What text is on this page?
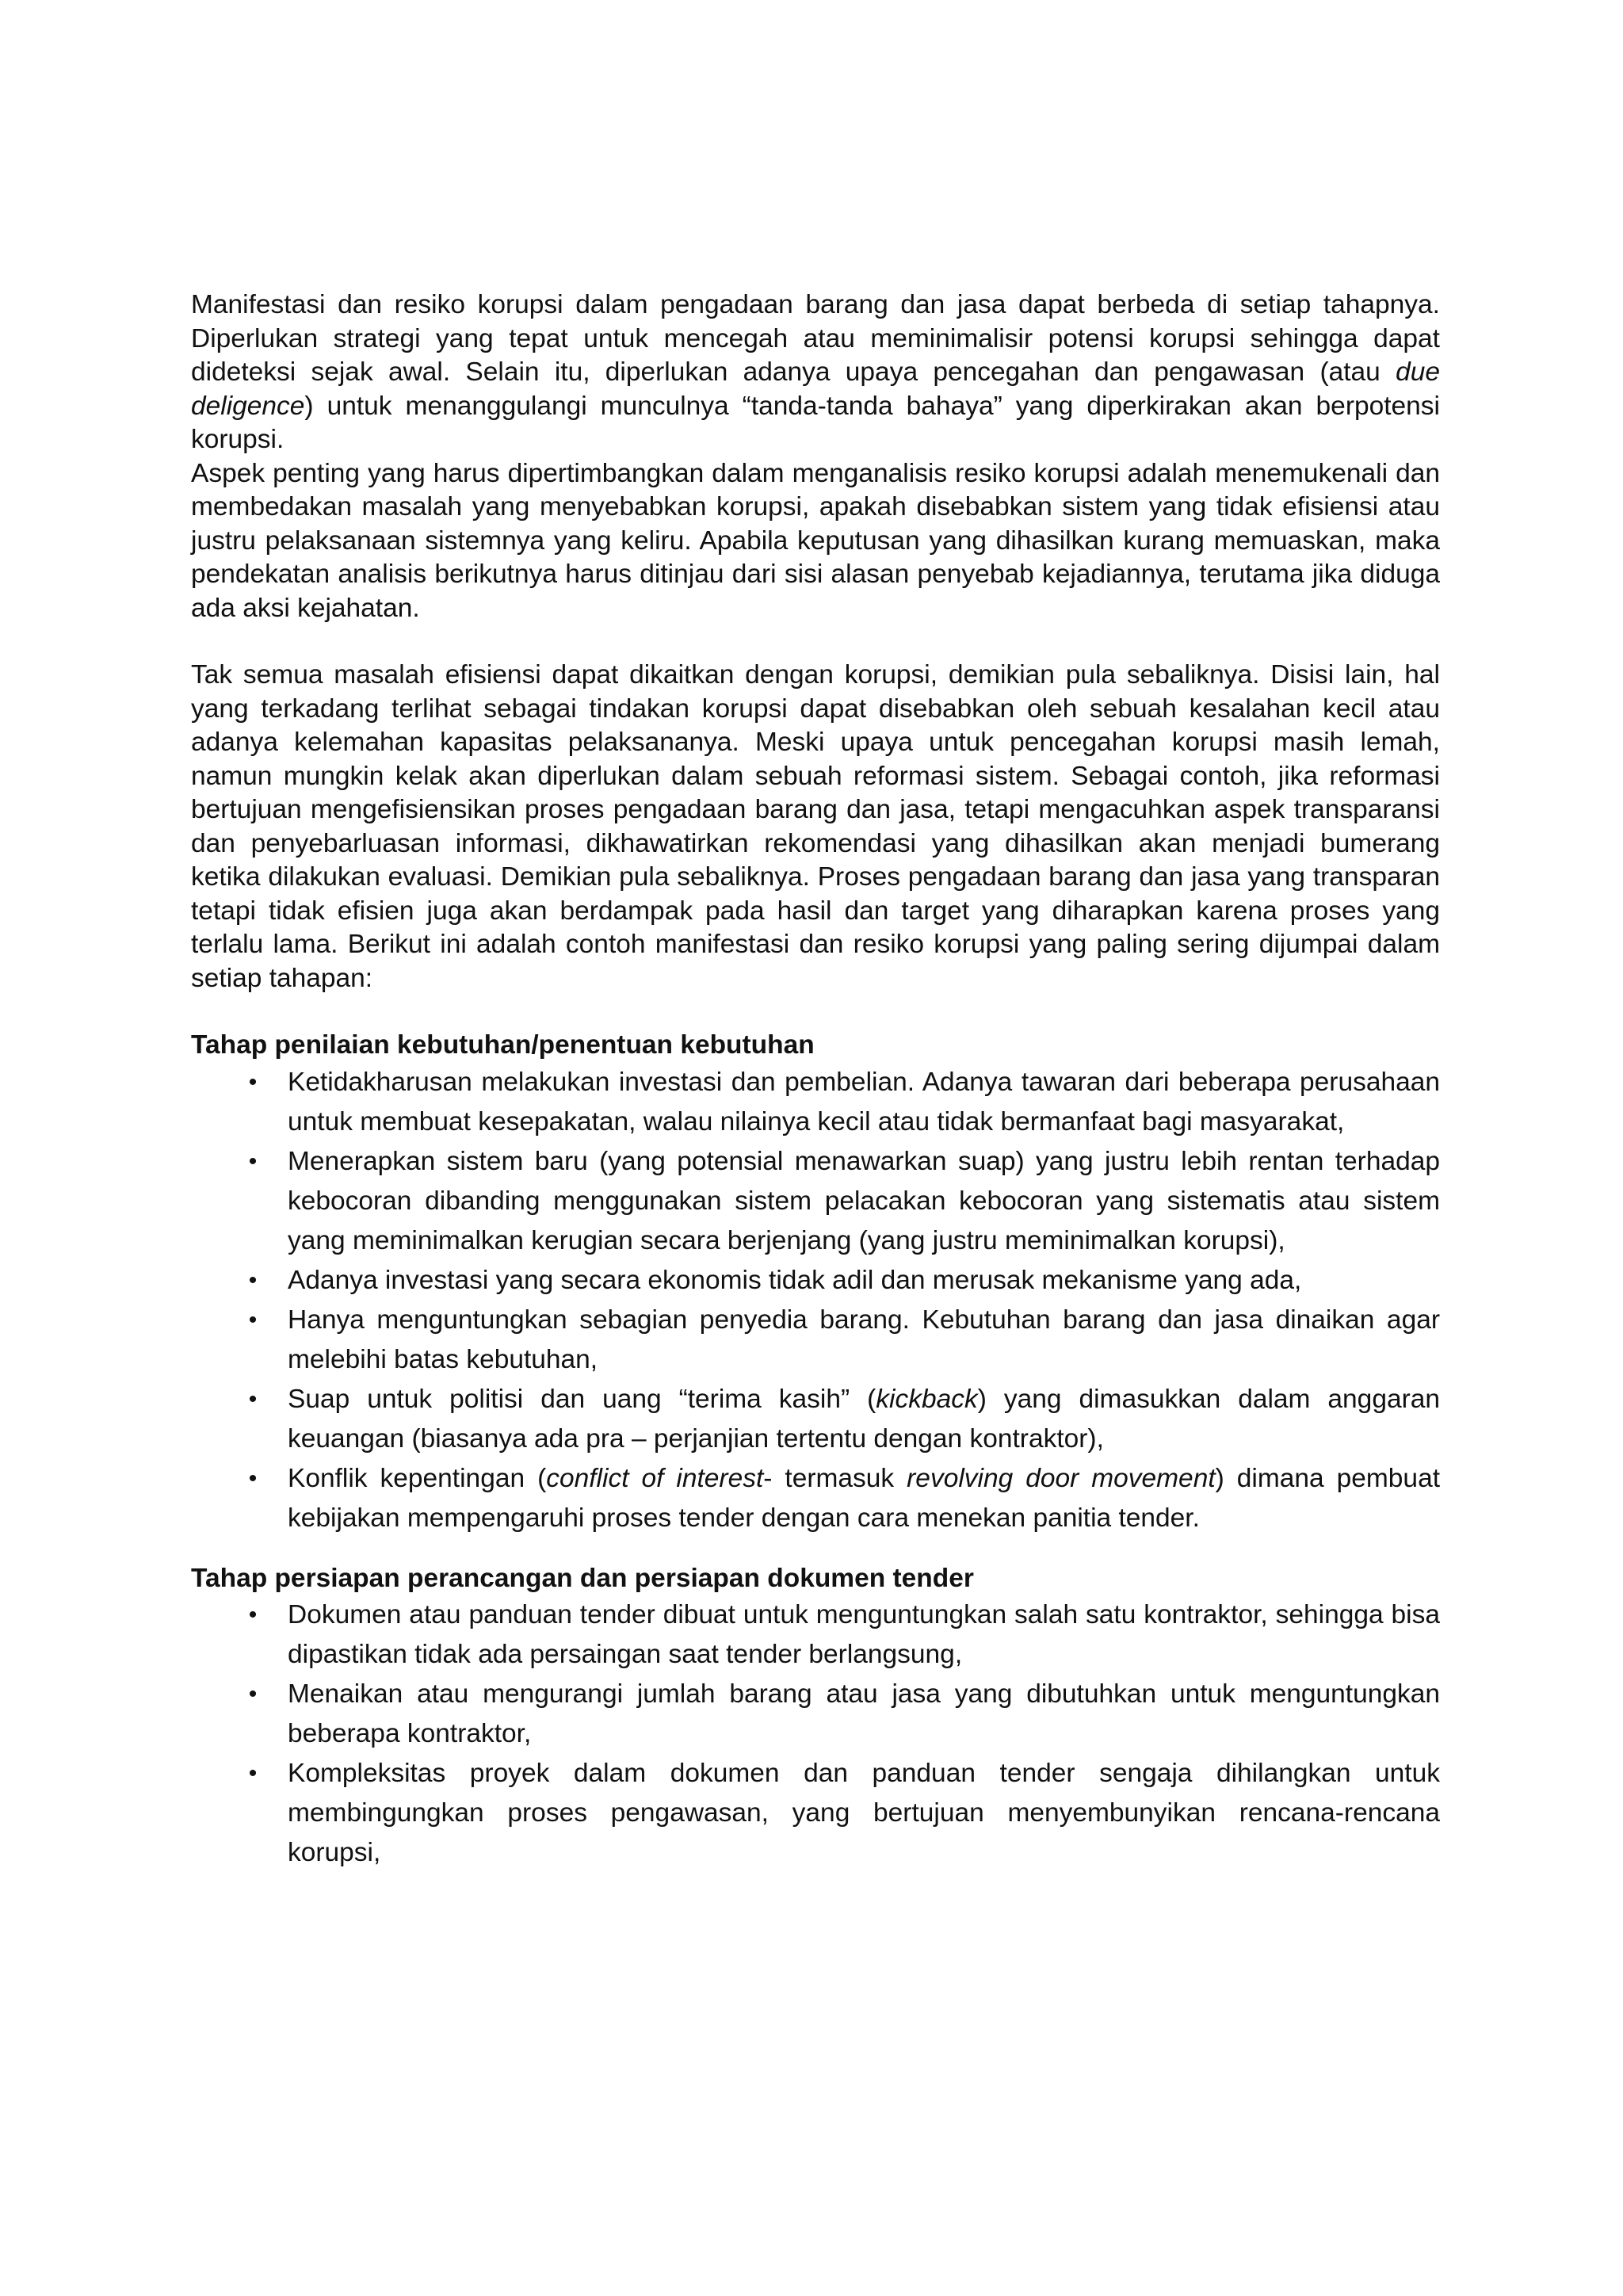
Manifestasi dan resiko korupsi dalam pengadaan barang dan jasa dapat berbeda di setiap tahapnya. Diperlukan strategi yang tepat untuk mencegah atau meminimalisir potensi korupsi sehingga dapat dideteksi sejak awal. Selain itu, diperlukan adanya upaya pencegahan dan pengawasan (atau due deligence) untuk menanggulangi munculnya “tanda-tanda bahaya” yang diperkirakan akan berpotensi korupsi.

Aspek penting yang harus dipertimbangkan dalam menganalisis resiko korupsi adalah menemukenali dan membedakan masalah yang menyebabkan korupsi, apakah disebabkan sistem yang tidak efisiensi atau justru pelaksanaan sistemnya yang keliru. Apabila keputusan yang dihasilkan kurang memuaskan, maka pendekatan analisis berikutnya harus ditinjau dari sisi alasan penyebab kejadiannya, terutama jika diduga ada aksi kejahatan.

Tak semua masalah efisiensi dapat dikaitkan dengan korupsi, demikian pula sebaliknya. Disisi lain, hal yang terkadang terlihat sebagai tindakan korupsi dapat disebabkan oleh sebuah kesalahan kecil atau adanya kelemahan kapasitas pelaksananya. Meski upaya untuk pencegahan korupsi masih lemah, namun mungkin kelak akan diperlukan dalam sebuah reformasi sistem. Sebagai contoh, jika reformasi bertujuan mengefisiensikan proses pengadaan barang dan jasa, tetapi mengacuhkan aspek transparansi dan penyebarluasan informasi, dikhawatirkan rekomendasi yang dihasilkan akan menjadi bumerang ketika dilakukan evaluasi. Demikian pula sebaliknya. Proses pengadaan barang dan jasa yang transparan tetapi tidak efisien juga akan berdampak pada hasil dan target yang diharapkan karena proses yang terlalu lama. Berikut ini adalah contoh manifestasi dan resiko korupsi yang paling sering dijumpai dalam setiap tahapan:

Tahap penilaian kebutuhan/penentuan kebutuhan
• Ketidakharusan melakukan investasi dan pembelian. Adanya tawaran dari beberapa perusahaan untuk membuat kesepakatan, walau nilainya kecil atau tidak bermanfaat bagi masyarakat,
• Menerapkan sistem baru (yang potensial menawarkan suap) yang justru lebih rentan terhadap kebocoran dibanding menggunakan sistem pelacakan kebocoran yang sistematis atau sistem yang meminimalkan kerugian secara berjenjang (yang justru meminimalkan korupsi),
• Adanya investasi yang secara ekonomis tidak adil dan merusak mekanisme yang ada,
• Hanya menguntungkan sebagian penyedia barang. Kebutuhan barang dan jasa dinaikan agar melebihi batas kebutuhan,
• Suap untuk politisi dan uang “terima kasih” (kickback) yang dimasukkan dalam anggaran keuangan (biasanya ada pra – perjanjian tertentu dengan kontraktor),
• Konflik kepentingan (conflict of interest- termasuk revolving door movement) dimana pembuat kebijakan mempengaruhi proses tender dengan cara menekan panitia tender.
Tahap persiapan perancangan dan persiapan dokumen tender
• Dokumen atau panduan tender dibuat untuk menguntungkan salah satu kontraktor, sehingga bisa dipastikan tidak ada persaingan saat tender berlangsung,
• Menaikan atau mengurangi jumlah barang atau jasa yang dibutuhkan untuk menguntungkan beberapa kontraktor,
• Kompleksitas proyek dalam dokumen dan panduan tender sengaja dihilangkan untuk membingungkan proses pengawasan, yang bertujuan menyembunyikan rencana-rencana korupsi,
